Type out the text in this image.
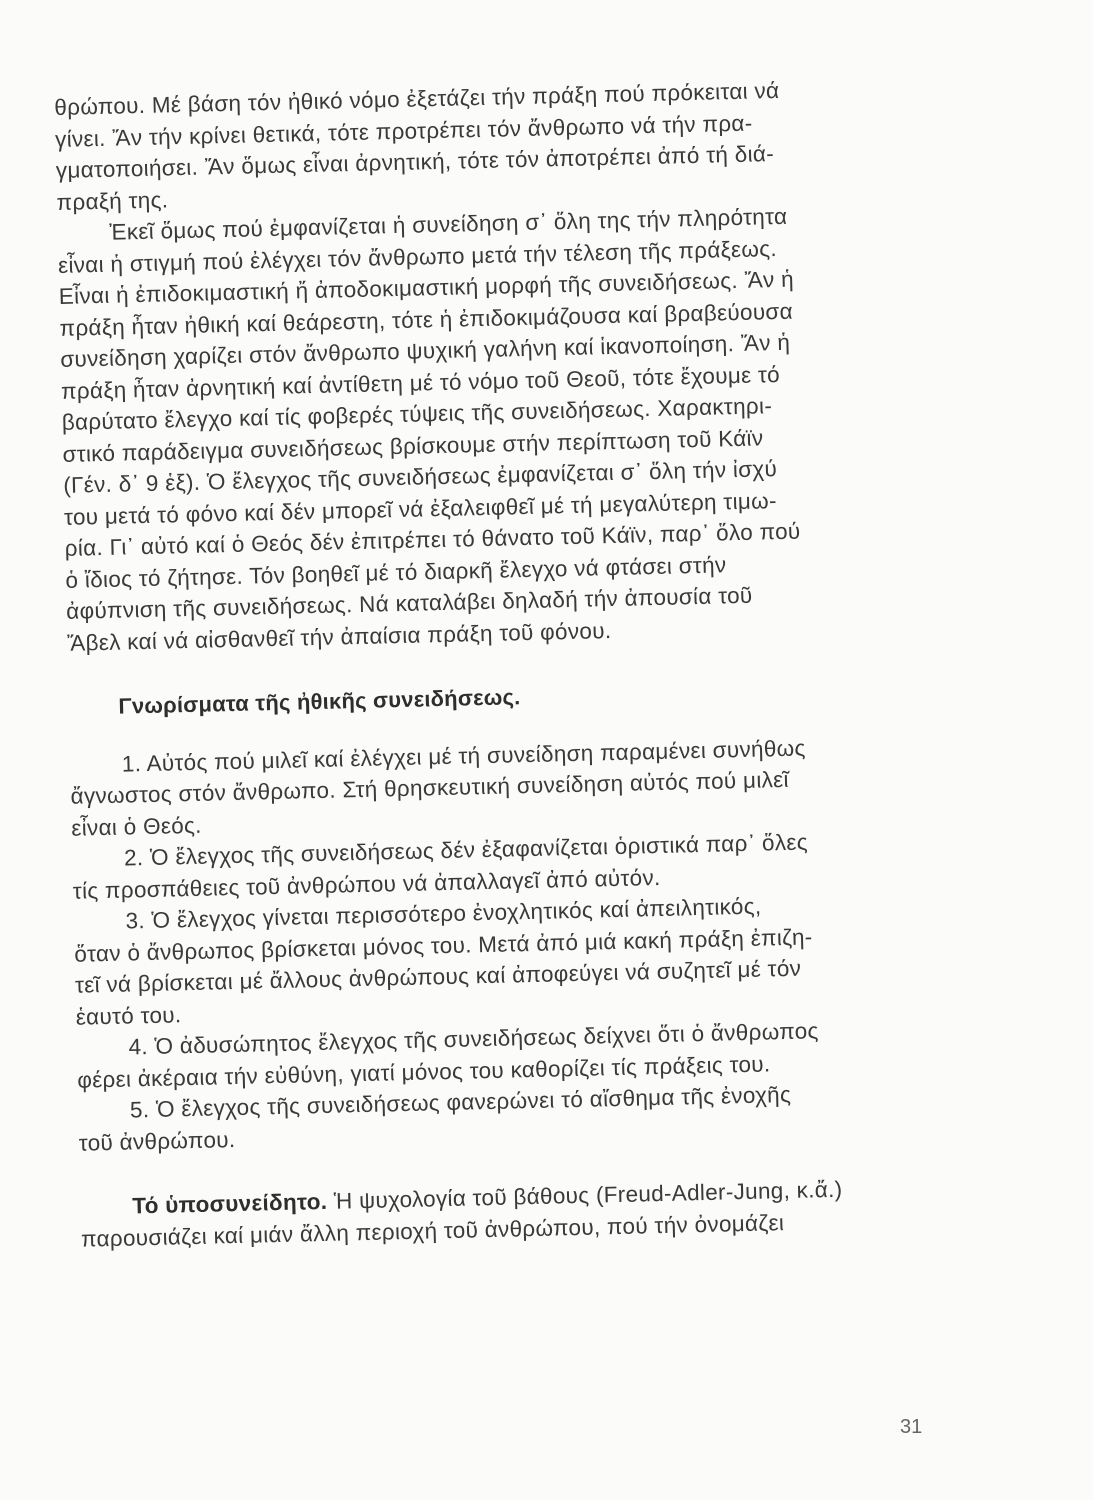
θρώπου. Μέ βάση τόν ἠθικό νόμο ἐξετάζει τήν πράξη πού πρόκειται νά
γίνει. Ἄν τήν κρίνει θετικά, τότε προτρέπει τόν ἄνθρωπο νά τήν πρα-
γματοποιήσει. Ἄν ὅμως εἶναι ἀρνητική, τότε τόν ἀποτρέπει ἀπό τή διά-
πραξή της.
Ἐκεῖ ὅμως πού ἐμφανίζεται ἡ συνείδηση σ᾿ ὅλη της τήν πληρότητα
εἶναι ἡ στιγμή πού ἐλέγχει τόν ἄνθρωπο μετά τήν τέλεση τῆς πράξεως.
Εἶναι ἡ ἐπιδοκιμαστική ἤ ἀποδοκιμαστική μορφή τῆς συνειδήσεως. Ἄν ἡ
πράξη ἦταν ἠθική καί θεάρεστη, τότε ἡ ἐπιδοκιμάζουσα καί βραβεύουσα
συνείδηση χαρίζει στόν ἄνθρωπο ψυχική γαλήνη καί ἱκανοποίηση. Ἄν ἡ
πράξη ἦταν ἀρνητική καί ἀντίθετη μέ τό νόμο τοῦ Θεοῦ, τότε ἔχουμε τό
βαρύτατο ἔλεγχο καί τίς φοβερές τύψεις τῆς συνειδήσεως. Χαρακτηρι-
στικό παράδειγμα συνειδήσεως βρίσκουμε στήν περίπτωση τοῦ Κάϊν
(Γέν. δ᾿ 9 ἑξ). Ὁ ἔλεγχος τῆς συνειδήσεως ἐμφανίζεται σ᾿ ὅλη τήν ἰσχύ
του μετά τό φόνο καί δέν μπορεῖ νά ἐξαλειφθεῖ μέ τή μεγαλύτερη τιμω-
ρία. Γι᾿ αὐτό καί ὁ Θεός δέν ἐπιτρέπει τό θάνατο τοῦ Κάϊν, παρ᾿ ὅλο πού
ὁ ἴδιος τό ζήτησε. Τόν βοηθεῖ μέ τό διαρκῆ ἔλεγχο νά φτάσει στήν
ἀφύπνιση τῆς συνειδήσεως. Νά καταλάβει δηλαδή τήν ἀπουσία τοῦ
Ἄβελ καί νά αἰσθανθεῖ τήν ἀπαίσια πράξη τοῦ φόνου.
Γνωρίσματα τῆς ἠθικῆς συνειδήσεως.
1. Αὐτός πού μιλεῖ καί ἐλέγχει μέ τή συνείδηση παραμένει συνήθως
ἄγνωστος στόν ἄνθρωπο. Στή θρησκευτική συνείδηση αὐτός πού μιλεῖ
εἶναι ὁ Θεός.
2. Ὁ ἔλεγχος τῆς συνειδήσεως δέν ἐξαφανίζεται ὁριστικά παρ᾿ ὅλες
τίς προσπάθειες τοῦ ἀνθρώπου νά ἀπαλλαγεῖ ἀπό αὐτόν.
3. Ὁ ἔλεγχος γίνεται περισσότερο ἐνοχλητικός καί ἀπειλητικός,
ὅταν ὁ ἄνθρωπος βρίσκεται μόνος του. Μετά ἀπό μιά κακή πράξη ἐπιζη-
τεῖ νά βρίσκεται μέ ἄλλους ἀνθρώπους καί ἀποφεύγει νά συζητεῖ μέ τόν
ἑαυτό του.
4. Ὁ ἀδυσώπητος ἔλεγχος τῆς συνειδήσεως δείχνει ὅτι ὁ ἄνθρωπος
φέρει ἀκέραια τήν εὐθύνη, γιατί μόνος του καθορίζει τίς πράξεις του.
5. Ὁ ἔλεγχος τῆς συνειδήσεως φανερώνει τό αἴσθημα τῆς ἐνοχῆς
τοῦ ἀνθρώπου.
Τό ὑποσυνείδητο. Ἡ ψυχολογία τοῦ βάθους (Freud-Adler-Jung, κ.ἄ.)
παρουσιάζει καί μιάν ἄλλη περιοχή τοῦ ἀνθρώπου, πού τήν ὀνομάζει
31
